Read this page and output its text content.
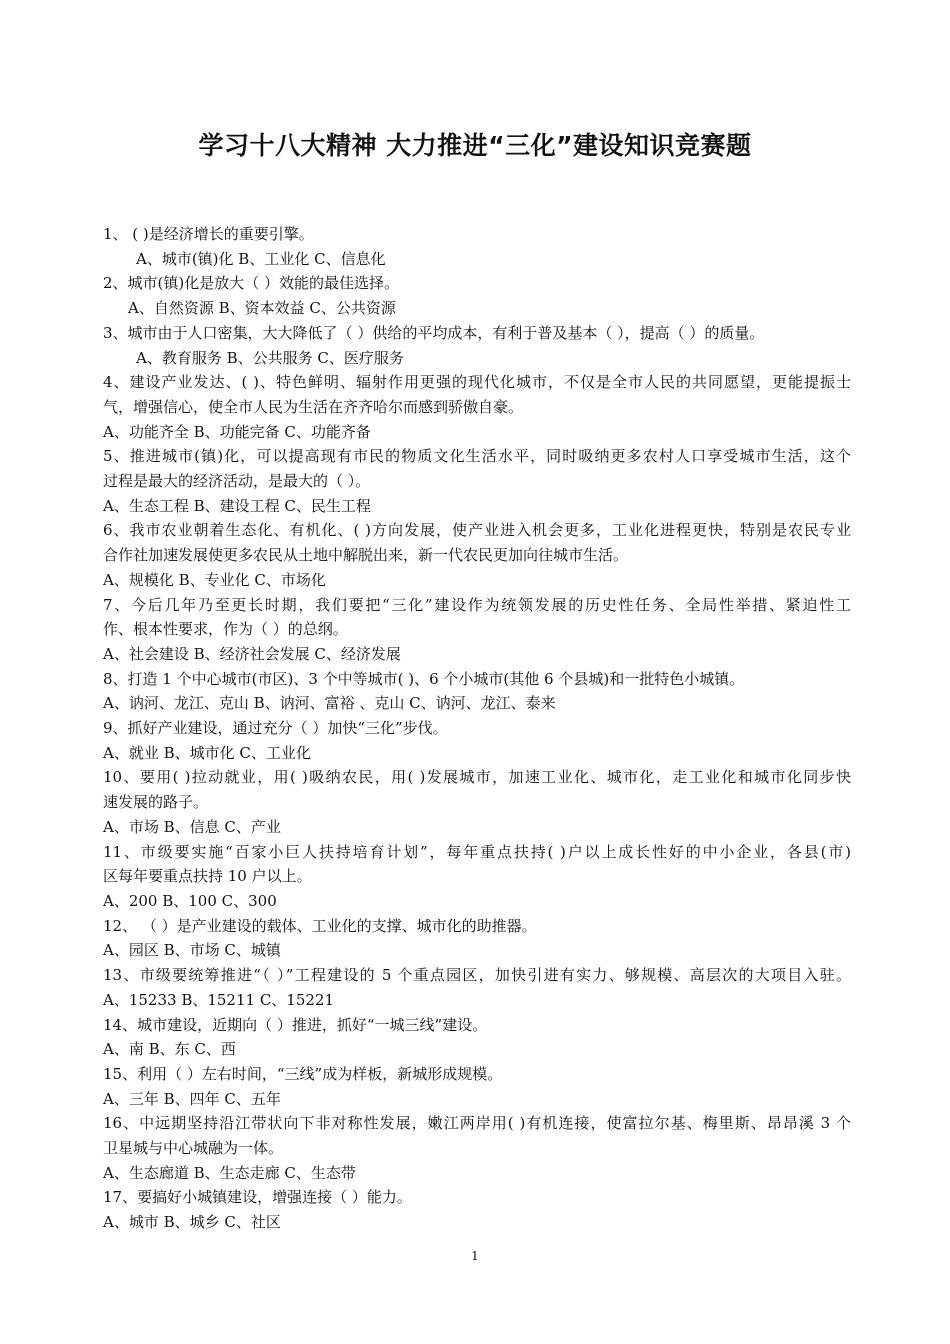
学习十八大精神 大力推进“三化”建设知识竞赛题
1、 ( )是经济增长的重要引擎。
A、城市(镇)化 B、工业化 C、信息化
2、城市(镇)化是放大（ ）效能的最佳选择。
A、自然资源 B、资本效益 C、公共资源
3、城市由于人口密集，大大降低了（ ）供给的平均成本，有利于普及基本（ ），提高（ ）的质量。
A、教育服务 B、公共服务 C、医疗服务
4、建设产业发达、( )、特色鲜明、辐射作用更强的现代化城市，不仅是全市人民的共同愿望，更能提振士
气，增强信心，使全市人民为生活在齐齐哈尔而感到骄傲自豪。
A、功能齐全 B、功能完备 C、功能齐备
5、推进城市(镇)化，可以提高现有市民的物质文化生活水平，同时吸纳更多农村人口享受城市生活，这个
过程是最大的经济活动，是最大的（ ）。
A、生态工程 B、建设工程 C、民生工程
6、我市农业朝着生态化、有机化、( )方向发展，使产业进入机会更多，工业化进程更快，特别是农民专业
合作社加速发展使更多农民从土地中解脱出来，新一代农民更加向往城市生活。
A、规模化 B、专业化 C、市场化
7、今后几年乃至更长时期，我们要把“三化”建设作为统领发展的历史性任务、全局性举措、紧迫性工
作、根本性要求，作为（ ）的总纲。
A、社会建设 B、经济社会发展 C、经济发展
8、打造 1 个中心城市(市区)、3 个中等城市( )、6 个小城市(其他 6 个县城)和一批特色小城镇。
A、讷河、龙江、克山 B、讷河、富裕 、克山 C、讷河、龙江、泰来
9、抓好产业建设，通过充分（ ）加快“三化”步伐。
A、就业 B、城市化 C、工业化
10、要用( )拉动就业，用( )吸纳农民，用( )发展城市，加速工业化、城市化，走工业化和城市化同步快
速发展的路子。
A、市场 B、信息 C、产业
11、市级要实施“百家小巨人扶持培育计划”，每年重点扶持( )户以上成长性好的中小企业，各县(市)
区每年要重点扶持 10 户以上。
A、200 B、100 C、300
12、 （ ）是产业建设的载体、工业化的支撑、城市化的助推器。
A、园区 B、市场 C、城镇
13、市级要统筹推进“（ ）”工程建设的 5 个重点园区，加快引进有实力、够规模、高层次的大项目入驻。
A、15233 B、15211 C、15221
14、城市建设，近期向（ ）推进，抓好“一城三线”建设。
A、南 B、东 C、西
15、利用（ ）左右时间，“三线”成为样板，新城形成规模。
A、三年 B、四年 C、五年
16、中远期坚持沿江带状向下非对称性发展，嫩江两岸用( )有机连接，使富拉尔基、梅里斯、昂昂溪 3 个
卫星城与中心城融为一体。
A、生态廊道 B、生态走廊 C、生态带
17、要搞好小城镇建设，增强连接（ ）能力。
A、城市 B、城乡 C、社区
1
